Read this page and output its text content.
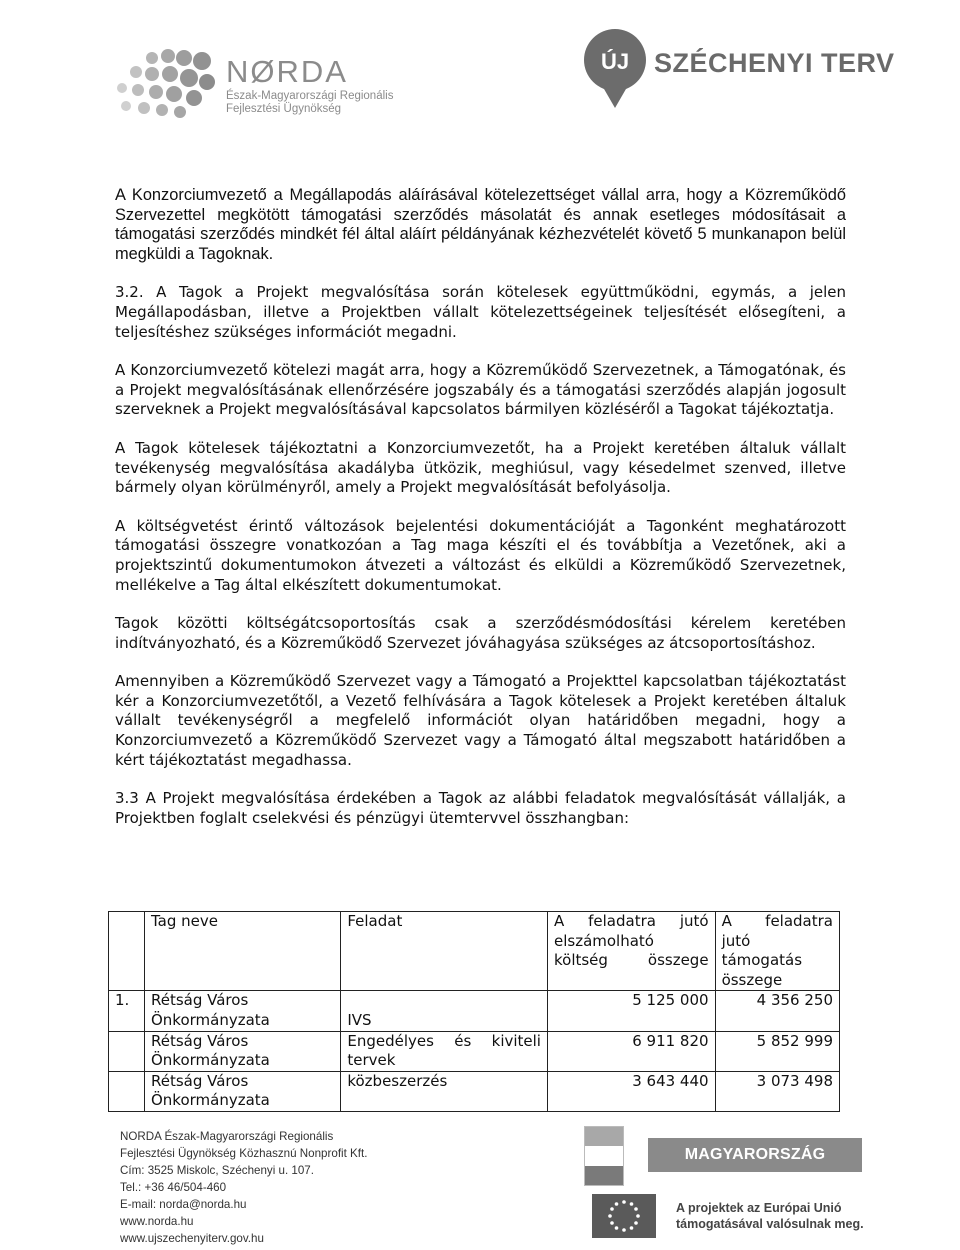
NØRDA
Észak-Magyarországi Regionális
Fejlesztési Ügynökség
ÚJ SZÉCHENYI TERV

A Konzorciumvezető a Megállapodás aláírásával kötelezettséget vállal arra, hogy a Közreműködő Szervezettel megkötött támogatási szerződés másolatát és annak esetleges módosításait a támogatási szerződés mindkét fél által aláírt példányának kézhezvételét követő 5 munkanapon belül megküldi a Tagoknak.

3.2. A Tagok a Projekt megvalósítása során kötelesek együttműködni, egymás, a jelen Megállapodásban, illetve a Projektben vállalt kötelezettségeinek teljesítését elősegíteni, a teljesítéshez szükséges információt megadni.

A Konzorciumvezető kötelezi magát arra, hogy a Közreműködő Szervezetnek, a Támogatónak, és a Projekt megvalósításának ellenőrzésére jogszabály és a támogatási szerződés alapján jogosult szerveknek a Projekt megvalósításával kapcsolatos bármilyen közléséről a Tagokat tájékoztatja.

A Tagok kötelesek tájékoztatni a Konzorciumvezetőt, ha a Projekt keretében általuk vállalt tevékenység megvalósítása akadályba ütközik, meghiúsul, vagy késedelmet szenved, illetve bármely olyan körülményről, amely a Projekt megvalósítását befolyásolja.

A költségvetést érintő változások bejelentési dokumentációját a Tagonként meghatározott támogatási összegre vonatkozóan a Tag maga készíti el és továbbítja a Vezetőnek, aki a projektszintű dokumentumokon átvezeti a változást és elküldi a Közreműködő Szervezetnek, mellékelve a Tag által elkészített dokumentumokat.

Tagok közötti költségátcsoportosítás csak a szerződésmódosítási kérelem keretében indítványozható, és a Közreműködő Szervezet jóváhagyása szükséges az átcsoportosításhoz.

Amennyiben a Közreműködő Szervezet vagy a Támogató a Projekttel kapcsolatban tájékoztatást kér a Konzorciumvezetőtől, a Vezető felhívására a Tagok kötelesek a Projekt keretében általuk vállalt tevékenységről a megfelelő információt olyan határidőben megadni, hogy a Konzorciumvezető a Közreműködő Szervezet vagy a Támogató által megszabott határidőben a kért tájékoztatást megadhassa.

3.3 A Projekt megvalósítása érdekében a Tagok az alábbi feladatok megvalósítását vállalják, a Projektben foglalt cselekvési és pénzügyi ütemtervvel összhangban:

	Tag neve	Feladat	A feladatra jutó elszámolható költség összege	A feladatra jutó támogatás összege
1.	Rétság Város Önkormányzata	IVS	5 125 000	4 356 250
	Rétság Város Önkormányzata	Engedélyes és kiviteli tervek	6 911 820	5 852 999
	Rétság Város Önkormányzata	közbeszerzés	3 643 440	3 073 498
NORDA Észak-Magyarországi Regionális
Fejlesztési Ügynökség Közhasznú Nonprofit Kft.
Cím: 3525 Miskolc, Széchenyi u. 107.
Tel.: +36 46/504-460
E-mail: norda@norda.hu
www.norda.hu
www.ujszechenyiterv.gov.hu
MAGYARORSZÁG MEGÚJUL
A projektek az Európai Unió
támogatásával valósulnak meg.
